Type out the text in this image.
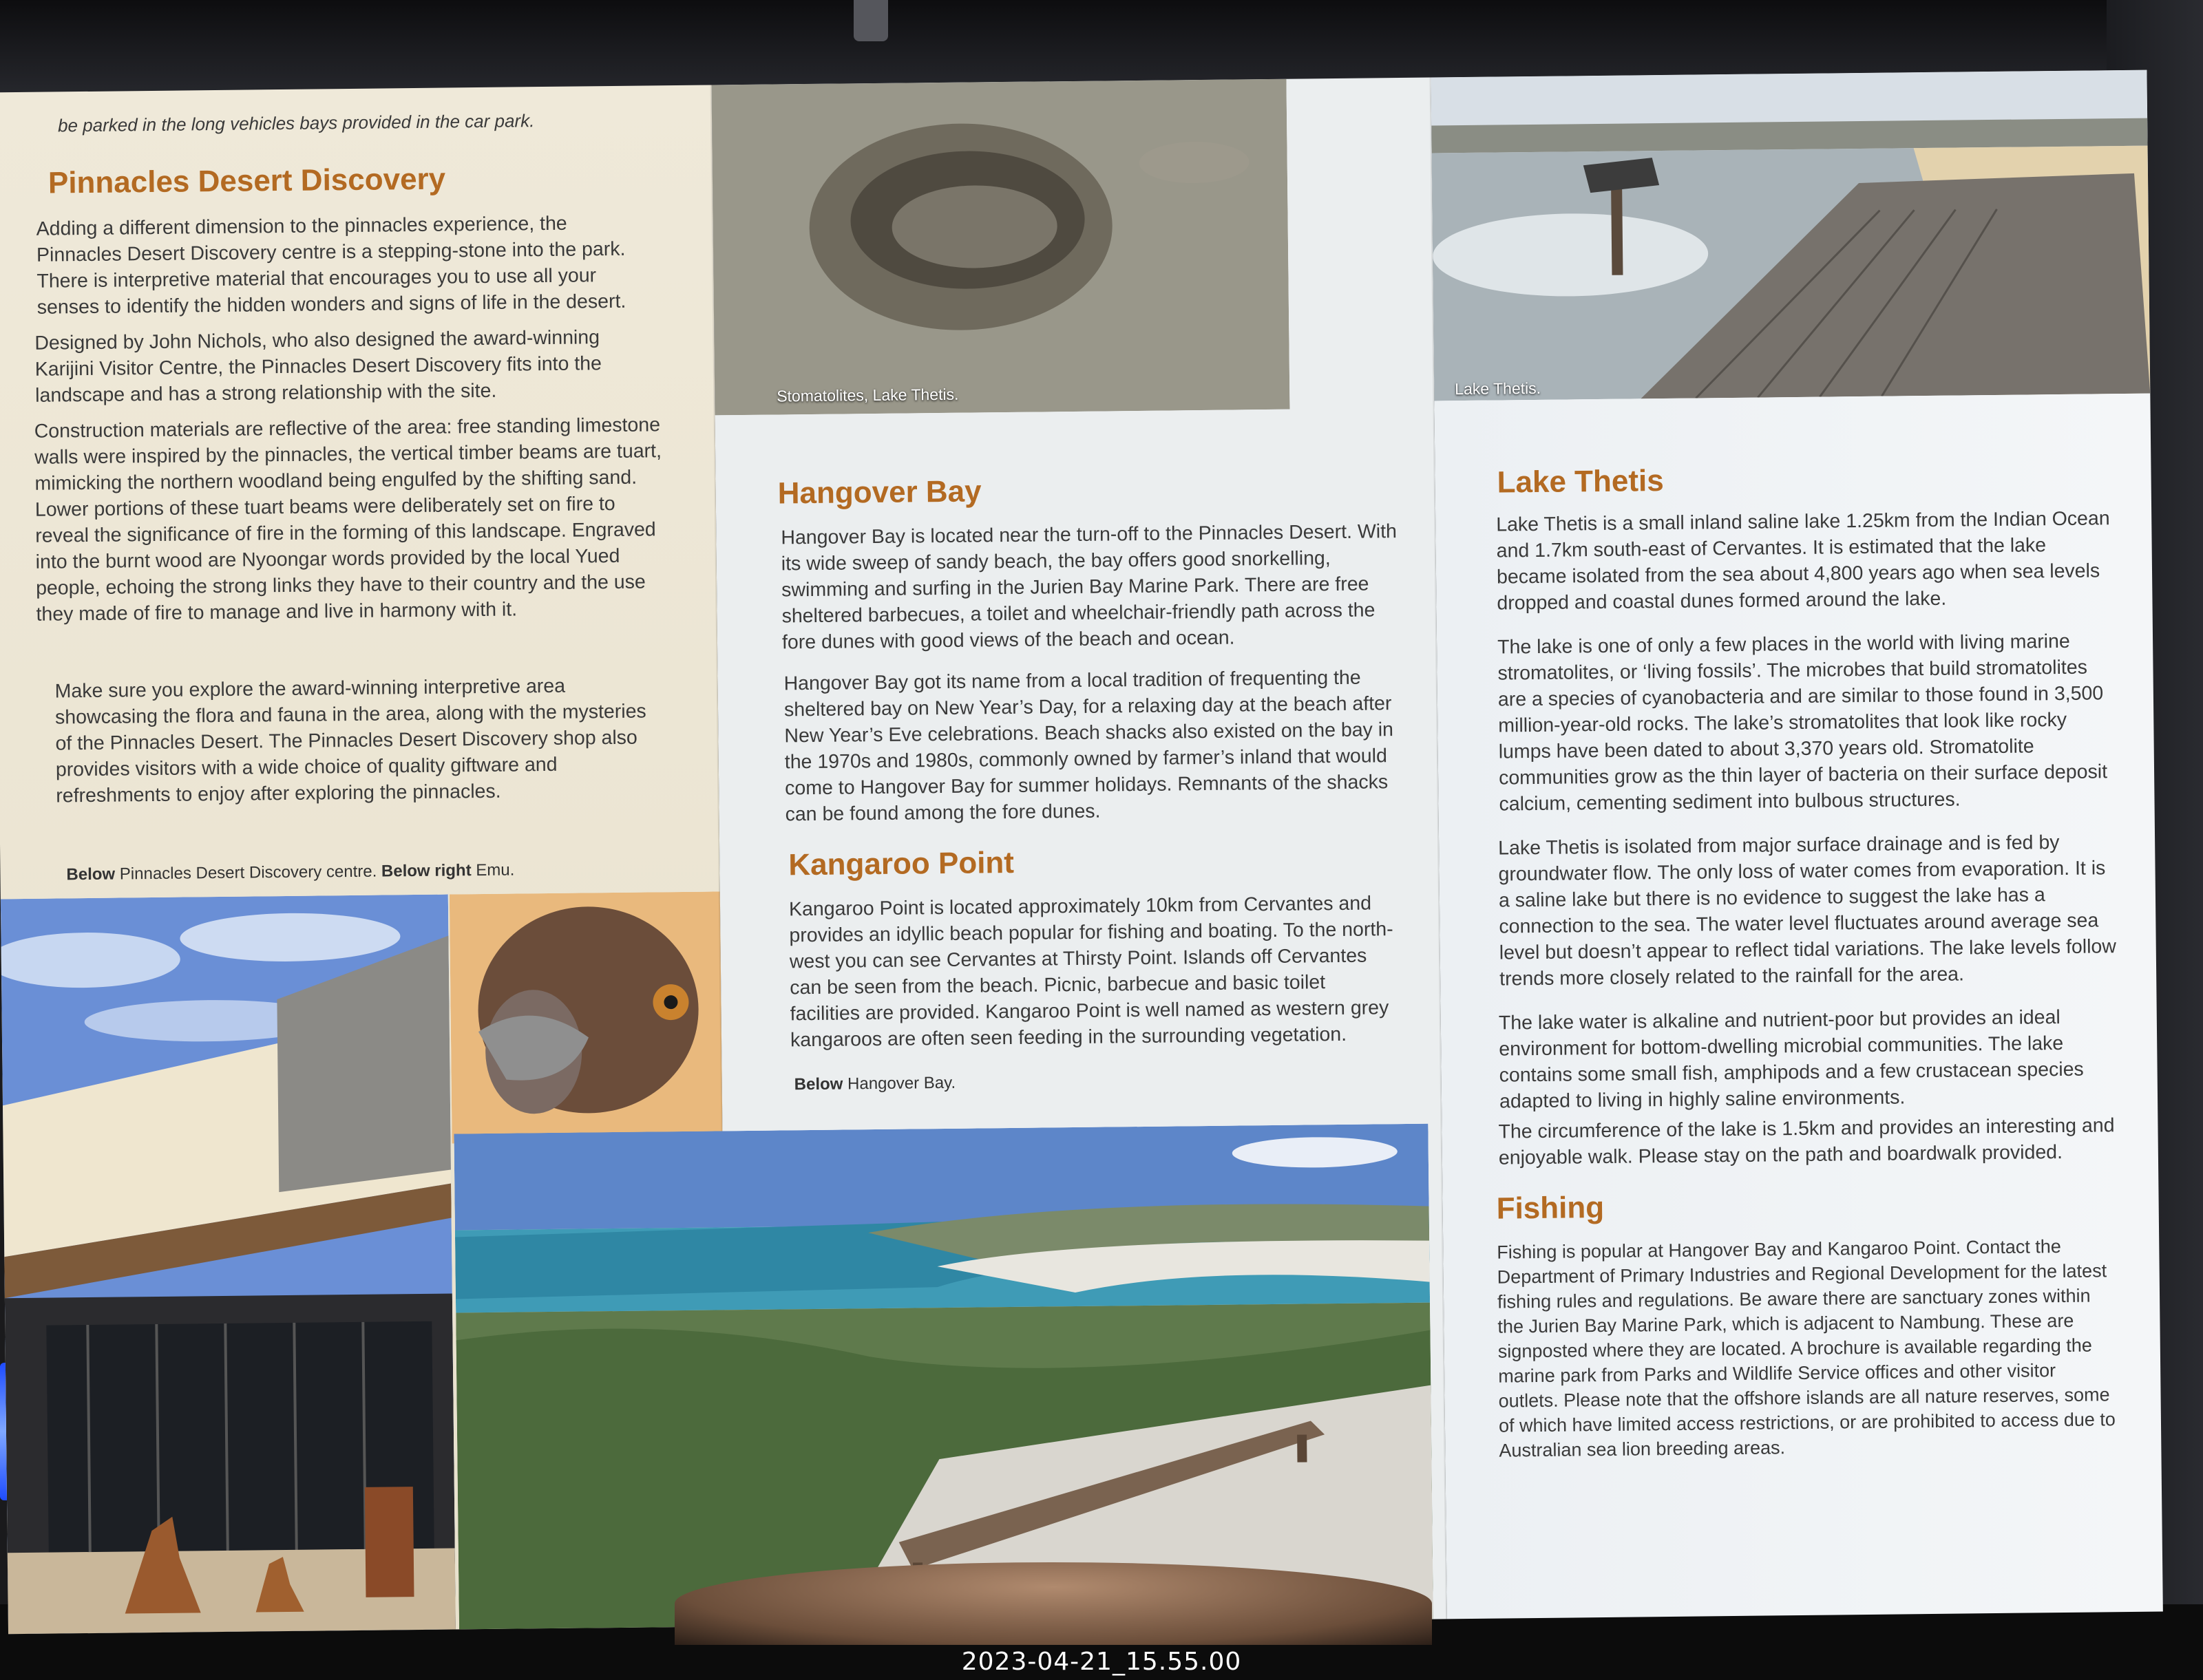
be parked in the long vehicles bays provided in the car park.

Pinnacles Desert Discovery

Adding a different dimension to the pinnacles experience, the Pinnacles Desert Discovery centre is a stepping-stone into the park. There is interpretive material that encourages you to use all your senses to identify the hidden wonders and signs of life in the desert.

Designed by John Nichols, who also designed the award-winning Karijini Visitor Centre, the Pinnacles Desert Discovery fits into the landscape and has a strong relationship with the site.

Construction materials are reflective of the area: free standing limestone walls were inspired by the pinnacles, the vertical timber beams are tuart, mimicking the northern woodland being engulfed by the shifting sand. Lower portions of these tuart beams were deliberately set on fire to reveal the significance of fire in the forming of this landscape. Engraved into the burnt wood are Nyoongar words provided by the local Yued people, echoing the strong links they have to their country and the use they made of fire to manage and live in harmony with it.

Make sure you explore the award-winning interpretive area showcasing the flora and fauna in the area, along with the mysteries of the Pinnacles Desert. The Pinnacles Desert Discovery shop also provides visitors with a wide choice of quality giftware and refreshments to enjoy after exploring the pinnacles.

Below Pinnacles Desert Discovery centre. Below right Emu.

Stomatolites, Lake Thetis.
Hangover Bay

Hangover Bay is located near the turn-off to the Pinnacles Desert. With its wide sweep of sandy beach, the bay offers good snorkelling, swimming and surfing in the Jurien Bay Marine Park. There are free sheltered barbecues, a toilet and wheelchair-friendly path across the fore dunes with good views of the beach and ocean.

Hangover Bay got its name from a local tradition of frequenting the sheltered bay on New Year’s Day, for a relaxing day at the beach after New Year’s Eve celebrations. Beach shacks also existed on the bay in the 1970s and 1980s, commonly owned by farmer’s inland that would come to Hangover Bay for summer holidays. Remnants of the shacks can be found among the fore dunes.

Kangaroo Point

Kangaroo Point is located approximately 10km from Cervantes and provides an idyllic beach popular for fishing and boating. To the north-west you can see Cervantes at Thirsty Point. Islands off Cervantes can be seen from the beach. Picnic, barbecue and basic toilet facilities are provided. Kangaroo Point is well named as western grey kangaroos are often seen feeding in the surrounding vegetation.

Below Hangover Bay.

Lake Thetis.
Lake Thetis

Lake Thetis is a small inland saline lake 1.25km from the Indian Ocean and 1.7km south-east of Cervantes. It is estimated that the lake became isolated from the sea about 4,800 years ago when sea levels dropped and coastal dunes formed around the lake.

The lake is one of only a few places in the world with living marine stromatolites, or ‘living fossils’. The microbes that build stromatolites are a species of cyanobacteria and are similar to those found in 3,500 million-year-old rocks. The lake’s stromatolites that look like rocky lumps have been dated to about 3,370 years old. Stromatolite communities grow as the thin layer of bacteria on their surface deposit calcium, cementing sediment into bulbous structures.

Lake Thetis is isolated from major surface drainage and is fed by groundwater flow. The only loss of water comes from evaporation. It is a saline lake but there is no evidence to suggest the lake has a connection to the sea. The water level fluctuates around average sea level but doesn’t appear to reflect tidal variations. The lake levels follow trends more closely related to the rainfall for the area.

The lake water is alkaline and nutrient-poor but provides an ideal environment for bottom-dwelling microbial communities. The lake contains some small fish, amphipods and a few crustacean species adapted to living in highly saline environments.

The circumference of the lake is 1.5km and provides an interesting and enjoyable walk. Please stay on the path and boardwalk provided.

Fishing

Fishing is popular at Hangover Bay and Kangaroo Point. Contact the Department of Primary Industries and Regional Development for the latest fishing rules and regulations. Be aware there are sanctuary zones within the Jurien Bay Marine Park, which is adjacent to Nambung. These are signposted where they are located. A brochure is available regarding the marine park from Parks and Wildlife Service offices and other visitor outlets. Please note that the offshore islands are all nature reserves, some of which have limited access restrictions, or are prohibited to access due to Australian sea lion breeding areas.

2023-04-21_15.55.00
